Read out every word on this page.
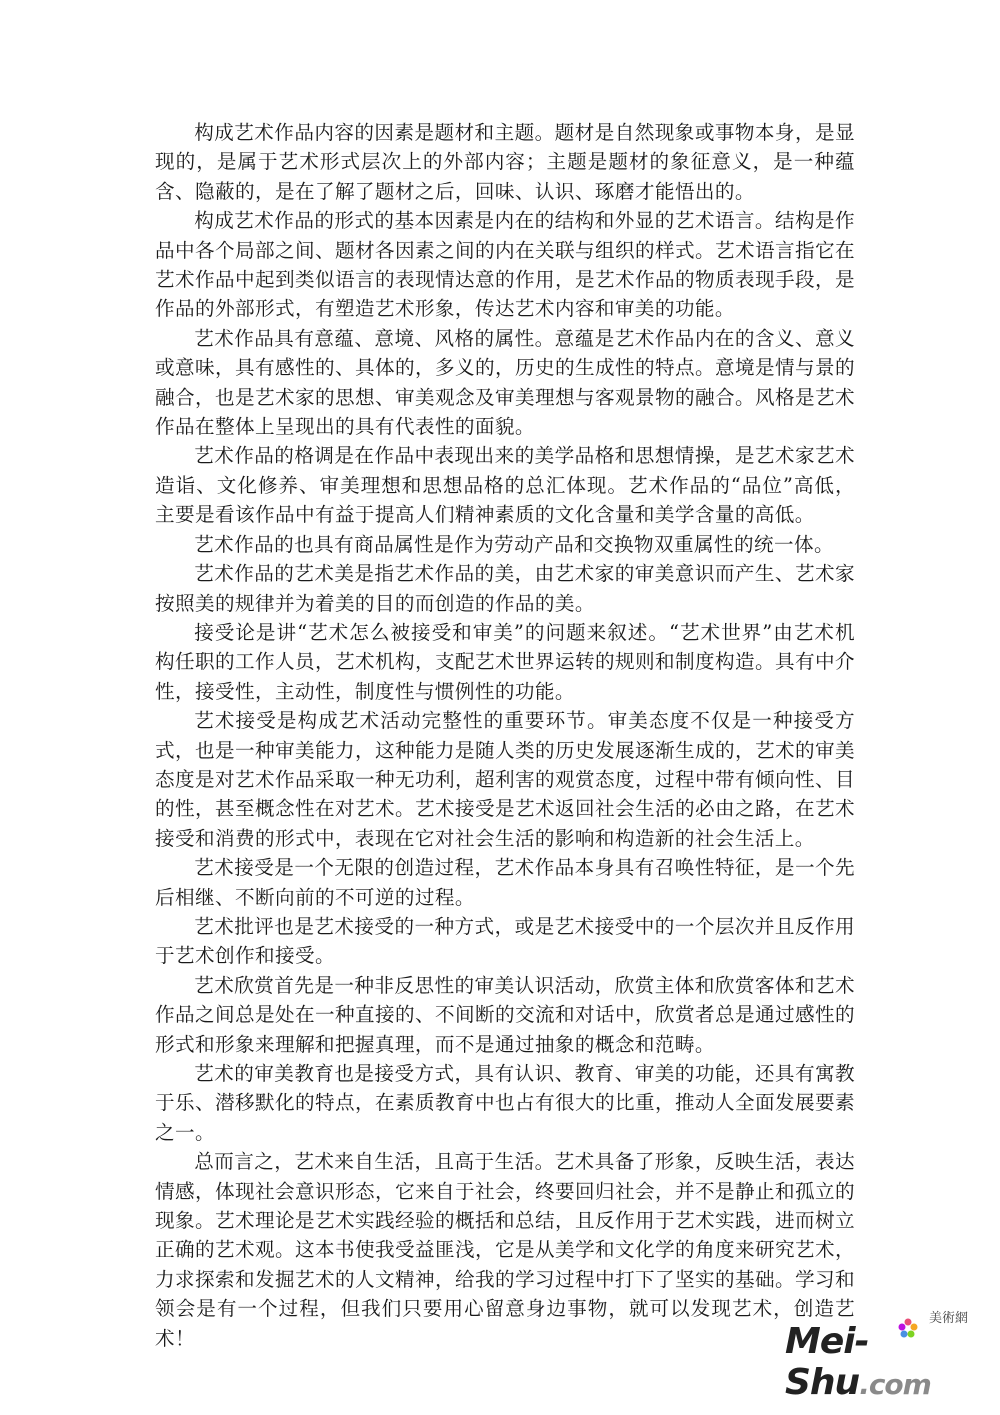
构成艺术作品内容的因素是题材和主题。题材是自然现象或事物本身，是显现的，是属于艺术形式层次上的外部内容；主题是题材的象征意义，是一种蕴含、隐蔽的，是在了解了题材之后，回味、认识、琢磨才能悟出的。

构成艺术作品的形式的基本因素是内在的结构和外显的艺术语言。结构是作品中各个局部之间、题材各因素之间的内在关联与组织的样式。艺术语言指它在艺术作品中起到类似语言的表现情达意的作用，是艺术作品的物质表现手段，是作品的外部形式，有塑造艺术形象，传达艺术内容和审美的功能。

艺术作品具有意蕴、意境、风格的属性。意蕴是艺术作品内在的含义、意义或意味，具有感性的、具体的，多义的，历史的生成性的特点。意境是情与景的融合，也是艺术家的思想、审美观念及审美理想与客观景物的融合。风格是艺术作品在整体上呈现出的具有代表性的面貌。

艺术作品的格调是在作品中表现出来的美学品格和思想情操，是艺术家艺术造诣、文化修养、审美理想和思想品格的总汇体现。艺术作品的“品位”高低，主要是看该作品中有益于提高人们精神素质的文化含量和美学含量的高低。

艺术作品的也具有商品属性是作为劳动产品和交换物双重属性的统一体。

艺术作品的艺术美是指艺术作品的美，由艺术家的审美意识而产生、艺术家按照美的规律并为着美的目的而创造的作品的美。

接受论是讲“艺术怎么被接受和审美”的问题来叙述。“艺术世界”由艺术机构任职的工作人员，艺术机构，支配艺术世界运转的规则和制度构造。具有中介性，接受性，主动性，制度性与惯例性的功能。

艺术接受是构成艺术活动完整性的重要环节。审美态度不仅是一种接受方式，也是一种审美能力，这种能力是随人类的历史发展逐渐生成的，艺术的审美态度是对艺术作品采取一种无功利，超利害的观赏态度，过程中带有倾向性、目的性，甚至概念性在对艺术。艺术接受是艺术返回社会生活的必由之路，在艺术接受和消费的形式中，表现在它对社会生活的影响和构造新的社会生活上。

艺术接受是一个无限的创造过程，艺术作品本身具有召唤性特征，是一个先后相继、不断向前的不可逆的过程。

艺术批评也是艺术接受的一种方式，或是艺术接受中的一个层次并且反作用于艺术创作和接受。

艺术欣赏首先是一种非反思性的审美认识活动，欣赏主体和欣赏客体和艺术作品之间总是处在一种直接的、不间断的交流和对话中，欣赏者总是通过感性的形式和形象来理解和把握真理，而不是通过抽象的概念和范畴。

艺术的审美教育也是接受方式，具有认识、教育、审美的功能，还具有寓教于乐、潜移默化的特点，在素质教育中也占有很大的比重，推动人全面发展要素之一。

总而言之，艺术来自生活，且高于生活。艺术具备了形象，反映生活，表达情感，体现社会意识形态，它来自于社会，终要回归社会，并不是静止和孤立的现象。艺术理论是艺术实践经验的概括和总结，且反作用于艺术实践，进而树立正确的艺术观。这本书使我受益匪浅，它是从美学和文化学的角度来研究艺术，力求探索和发掘艺术的人文精神，给我的学习过程中打下了坚实的基础。学习和领会是有一个过程，但我们只要用心留意身边事物，就可以发现艺术，创造艺术！

美術網
Mei-Shu.com
